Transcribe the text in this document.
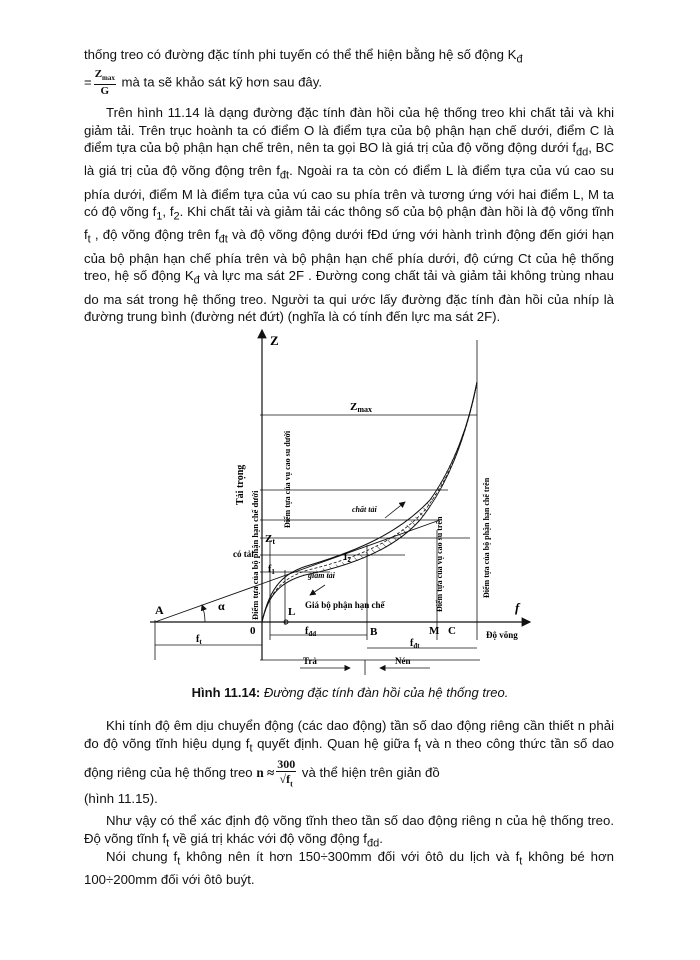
thống treo có đường đặc tính phi tuyến có thể thể hiện bằng hệ số động $K_đ$
= $\frac{Z_{max}}{G}$ mà ta sẽ khảo sát kỹ hơn sau đây.
Trên hình 11.14 là dạng đường đặc tính đàn hồi của hệ thống treo khi chất tải và khi giảm tải. Trên trục hoành ta có điểm O là điểm tựa của bộ phận hạn chế dưới, điểm C là điểm tựa của bộ phận hạn chế trên, nên ta gọi BO là giá trị của độ võng động dưới $f_{đd}$, BC là giá trị của độ võng động trên $f_{đt}$. Ngoài ra ta còn có điểm L là điểm tựa của vú cao su phía dưới, điểm M là điểm tựa của vú cao su phía trên và tương ứng với hai điểm L, M ta có độ võng $f_1$, $f_2$. Khi chất tải và giảm tải các thông số của bộ phận đàn hồi là độ võng tĩnh $f_t$ , độ võng động trên $f_{đt}$ và độ võng động dưới fĐd ứng với hành trình động đến giới hạn của bộ phận hạn chế phía trên và bộ phận hạn chế phía dưới, độ cứng Ct của hệ thống treo, hệ số động $K_đ$ và lực ma sát 2F . Đường cong chất tải và giảm tải không trùng nhau do ma sát trong hệ thống treo. Người ta qui ước lấy đường đặc tính đàn hồi của nhíp là đường trung bình (đường nét đứt) (nghĩa là có tính đến lực ma sát 2F).
Z
f
Zmax
Zt
có tải
A	α	L
0	B	M C
$f_1$
$f_2$
$f_{đd}$
$f_{đt}$
$f_t$
chất tải
giảm tải
Giá bộ phận hạn chế
Độ võng
Trả	Nén
Tải trọng
Điểm tựa của bộ phận hạn chế dưới
Điểm tựa của vụ cao su dưới
Điểm tựa của vụ cao su trên	Điểm tựa của bộ phận hạn chế trên
Hình 11.14: Đường đặc tính đàn hồi của hệ thống treo.
Khi tính độ êm dịu chuyển động (các dao động) tần số dao động riêng cần thiết n phải đo độ võng tĩnh hiệu dụng $f_t$ quyết định. Quan hệ giữa $f_t$ và n theo công thức tần số dao động riêng của hệ thống treo $n \approx \frac{300}{√f_t}$ và thể hiện trên giản đồ
(hình 11.15).
Như vậy có thể xác định độ võng tĩnh theo tần số dao động riêng n của hệ thống treo. Độ võng tĩnh $f_t$ về giá trị khác với độ võng động $f_{đd}$.
Nói chung $f_t$ không nên ít hơn 150÷300mm đối với ôtô du lịch và $f_t$ không bé hơn 100÷200mm đối với ôtô buýt.
